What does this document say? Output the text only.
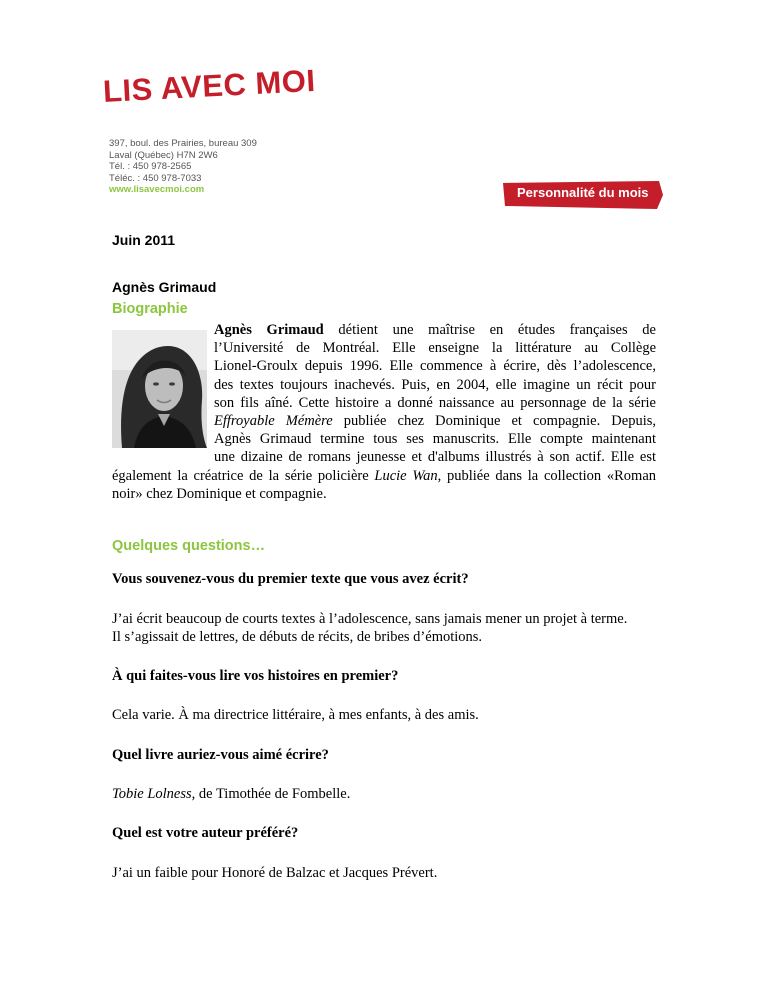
LIS AVEC MOI
397, boul. des Prairies, bureau 309
Laval (Québec) H7N 2W6
Tél. : 450 978-2565
Téléc. : 450 978-7033
www.lisavecmoi.com	Personnalité du mois
Juin 2011
Agnès Grimaud
Biographie
Agnès Grimaud détient une maîtrise en études françaises de
l’Université de Montréal. Elle enseigne la littérature au Collège
Lionel-Groulx depuis 1996. Elle commence à écrire, dès l’adolescence,
des textes toujours inachevés. Puis, en 2004, elle imagine un récit pour
son fils aîné. Cette histoire a donné naissance au personnage de la série
Effroyable Mémère publiée chez Dominique et compagnie. Depuis,
Agnès Grimaud termine tous ses manuscrits. Elle compte maintenant
une dizaine de romans jeunesse et d'albums illustrés à son actif. Elle est
également la créatrice de la série policière Lucie Wan, publiée dans la collection «Roman
noir» chez Dominique et compagnie.
Quelques questions…
Vous souvenez-vous du premier texte que vous avez écrit?
J’ai écrit beaucoup de courts textes à l’adolescence, sans jamais mener un projet à terme.
Il s’agissait de lettres, de débuts de récits, de bribes d’émotions.
À qui faites-vous lire vos histoires en premier?
Cela varie. À ma directrice littéraire, à mes enfants, à des amis.
Quel livre auriez-vous aimé écrire?
Tobie Lolness, de Timothée de Fombelle.
Quel est votre auteur préféré?
J’ai un faible pour Honoré de Balzac et Jacques Prévert.
